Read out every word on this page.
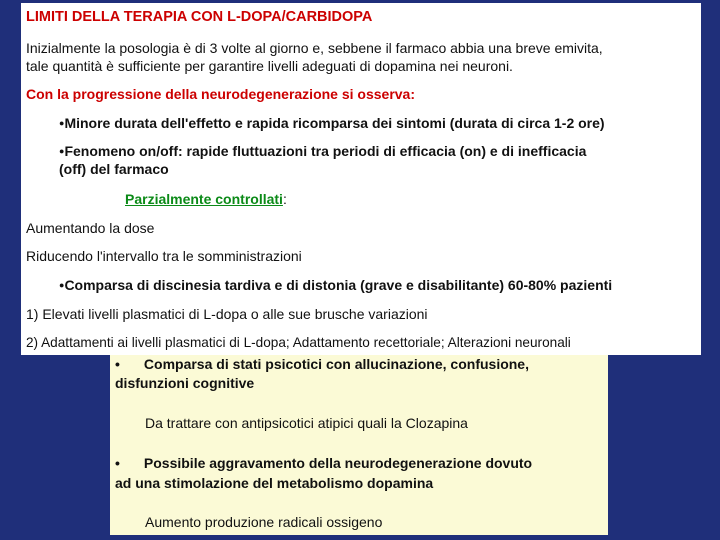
• Comparsa di stati psicotici con allucinazione, confusione,
disfunzioni cognitive
Da trattare con antipsicotici atipici quali la Clozapina
• Possibile aggravamento della neurodegenerazione dovuto
ad una stimolazione del metabolismo dopamina
Aumento produzione radicali ossigeno
LIMITI DELLA TERAPIA CON L-DOPA/CARBIDOPA
Inizialmente la posologia è di 3 volte al giorno e, sebbene il farmaco abbia una breve emivita,
tale quantità è sufficiente per garantire livelli adeguati di dopamina nei neuroni.
Con la progressione della neurodegenerazione si osserva:
●Minore durata dell'effetto e rapida ricomparsa dei sintomi (durata di circa 1-2 ore)
●Fenomeno on/off: rapide fluttuazioni tra periodi di efficacia (on) e di inefficacia
(off) del farmaco
Parzialmente controllati:
Aumentando la dose
Riducendo l'intervallo tra le somministrazioni
●Comparsa di discinesia tardiva e di distonia (grave e disabilitante) 60-80% pazienti
1) Elevati livelli plasmatici di L-dopa o alle sue brusche variazioni
2) Adattamenti ai livelli plasmatici di L-dopa; Adattamento recettoriale; Alterazioni neuronali
